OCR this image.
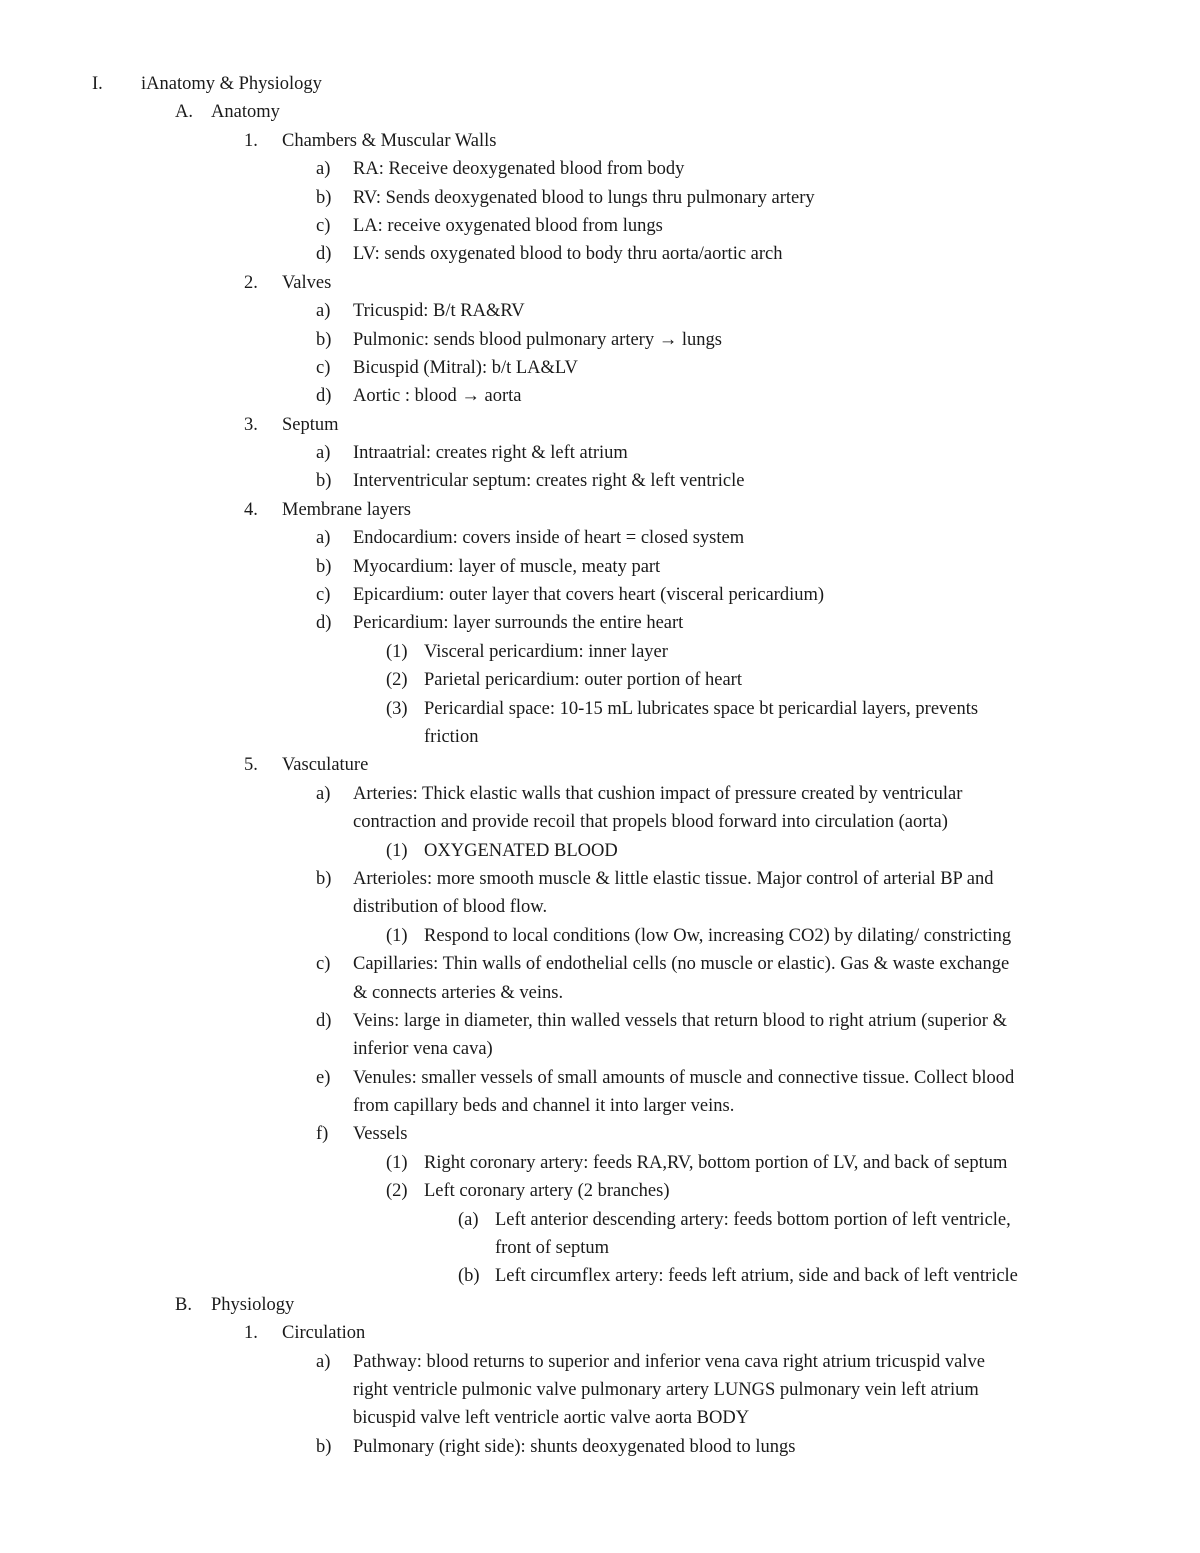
I. iAnatomy & Physiology
A. Anatomy
1. Chambers & Muscular Walls
a) RA: Receive deoxygenated blood from body
b) RV: Sends deoxygenated blood to lungs thru pulmonary artery
c) LA: receive oxygenated blood from lungs
d) LV: sends oxygenated blood to body thru aorta/aortic arch
2. Valves
a) Tricuspid: B/t RA&RV
b) Pulmonic: sends blood pulmonary artery → lungs
c) Bicuspid (Mitral): b/t LA&LV
d) Aortic : blood → aorta
3. Septum
a) Intraatrial: creates right & left atrium
b) Interventricular septum: creates right & left ventricle
4. Membrane layers
a) Endocardium: covers inside of heart = closed system
b) Myocardium: layer of muscle, meaty part
c) Epicardium: outer layer that covers heart (visceral pericardium)
d) Pericardium: layer surrounds the entire heart
(1) Visceral pericardium: inner layer
(2) Parietal pericardium: outer portion of heart
(3) Pericardial space: 10-15 mL lubricates space bt pericardial layers, prevents
friction
5. Vasculature
a) Arteries: Thick elastic walls that cushion impact of pressure created by ventricular
contraction and provide recoil that propels blood forward into circulation (aorta)
(1) OXYGENATED BLOOD
b) Arterioles: more smooth muscle & little elastic tissue. Major control of arterial BP and
distribution of blood flow.
(1) Respond to local conditions (low Ow, increasing CO2) by dilating/ constricting
c) Capillaries: Thin walls of endothelial cells (no muscle or elastic). Gas & waste exchange
& connects arteries & veins.
d) Veins: large in diameter, thin walled vessels that return blood to right atrium (superior &
inferior vena cava)
e) Venules: smaller vessels of small amounts of muscle and connective tissue. Collect blood
from capillary beds and channel it into larger veins.
f) Vessels
(1) Right coronary artery: feeds RA,RV, bottom portion of LV, and back of septum
(2) Left coronary artery (2 branches)
(a) Left anterior descending artery: feeds bottom portion of left ventricle,
front of septum
(b) Left circumflex artery: feeds left atrium, side and back of left ventricle
B. Physiology
1. Circulation
a) Pathway: blood returns to superior and inferior vena cava right atrium tricuspid valve
right ventricle pulmonic valve pulmonary artery LUNGS pulmonary vein left atrium
bicuspid valve left ventricle aortic valve aorta BODY
b) Pulmonary (right side): shunts deoxygenated blood to lungs
